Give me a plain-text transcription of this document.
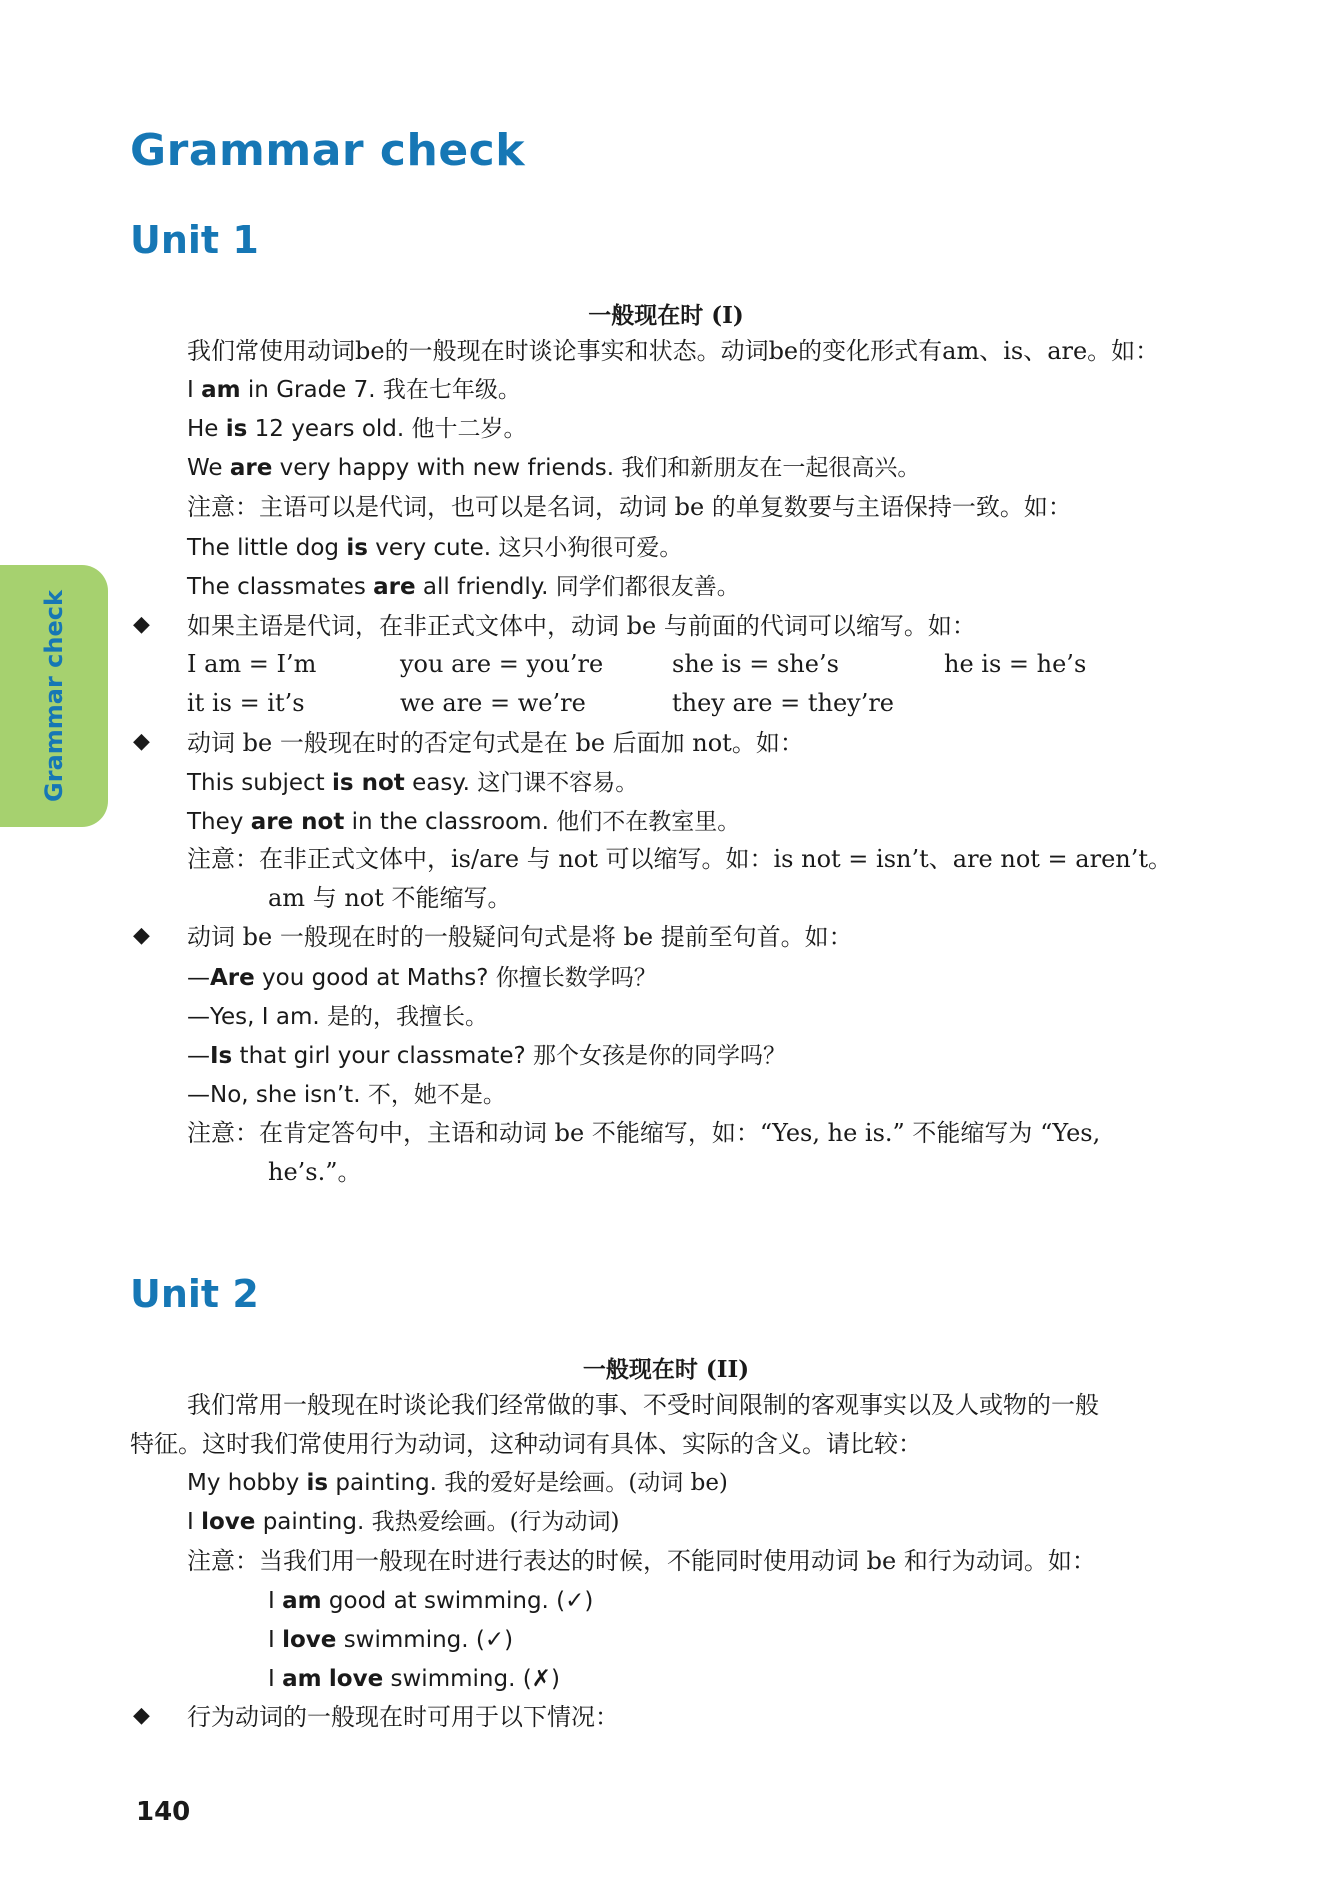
Grammar check
Grammar check
Unit 1
一般现在时 (I)
我们常使用动词be的一般现在时谈论事实和状态。动词be的变化形式有am、is、are。如：
I am in Grade 7. 我在七年级。
He is 12 years old. 他十二岁。
We are very happy with new friends. 我们和新朋友在一起很高兴。
注意：主语可以是代词，也可以是名词，动词 be 的单复数要与主语保持一致。如：
The little dog is very cute. 这只小狗很可爱。
The classmates are all friendly. 同学们都很友善。
◆ 如果主语是代词，在非正式文体中，动词 be 与前面的代词可以缩写。如：
I am = I’m	you are = you’re	she is = she’s	he is = he’s
it is = it’s	we are = we’re	they are = they’re
◆ 动词 be 一般现在时的否定句式是在 be 后面加 not。如：
This subject is not easy. 这门课不容易。
They are not in the classroom. 他们不在教室里。
注意：在非正式文体中，is/are 与 not 可以缩写。如：is not = isn’t、are not = aren’t。
am 与 not 不能缩写。
◆ 动词 be 一般现在时的一般疑问句式是将 be 提前至句首。如：
—Are you good at Maths? 你擅长数学吗？
—Yes, I am. 是的，我擅长。
—Is that girl your classmate? 那个女孩是你的同学吗？
—No, she isn’t. 不，她不是。
注意：在肯定答句中，主语和动词 be 不能缩写，如：“Yes, he is.” 不能缩写为 “Yes,
he’s.”。
Unit 2
一般现在时 (II)
我们常用一般现在时谈论我们经常做的事、不受时间限制的客观事实以及人或物的一般
特征。这时我们常使用行为动词，这种动词有具体、实际的含义。请比较：
My hobby is painting. 我的爱好是绘画。(动词 be)
I love painting. 我热爱绘画。(行为动词)
注意：当我们用一般现在时进行表达的时候，不能同时使用动词 be 和行为动词。如：
I am good at swimming. (✓)
I love swimming. (✓)
I am love swimming. (✗)
◆ 行为动词的一般现在时可用于以下情况：
140
